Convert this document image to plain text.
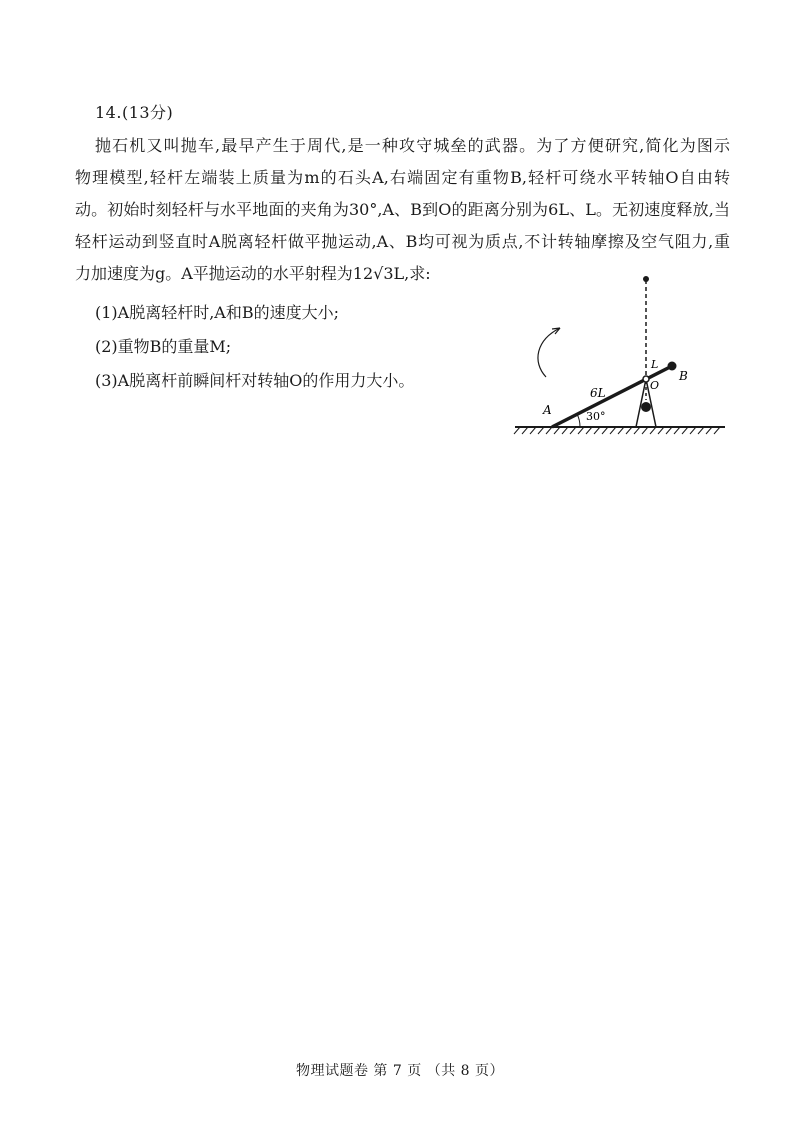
14.(13分)
抛石机又叫抛车,最早产生于周代,是一种攻守城垒的武器。为了方便研究,简化为图示
物理模型,轻杆左端装上质量为m的石头A,右端固定有重物B,轻杆可绕水平转轴O自由转
动。初始时刻轻杆与水平地面的夹角为30°,A、B到O的距离分别为6L、L。无初速度释放,当
轻杆运动到竖直时A脱离轻杆做平抛运动,A、B均可视为质点,不计转轴摩擦及空气阻力,重
力加速度为g。A平抛运动的水平射程为12√3L,求:
(1)A脱离轻杆时,A和B的速度大小;
(2)重物B的重量M;
(3)A脱离杆前瞬间杆对转轴O的作用力大小。
A
6L
30°
L
O
B
物理试题卷 第 7 页 （共 8 页）
